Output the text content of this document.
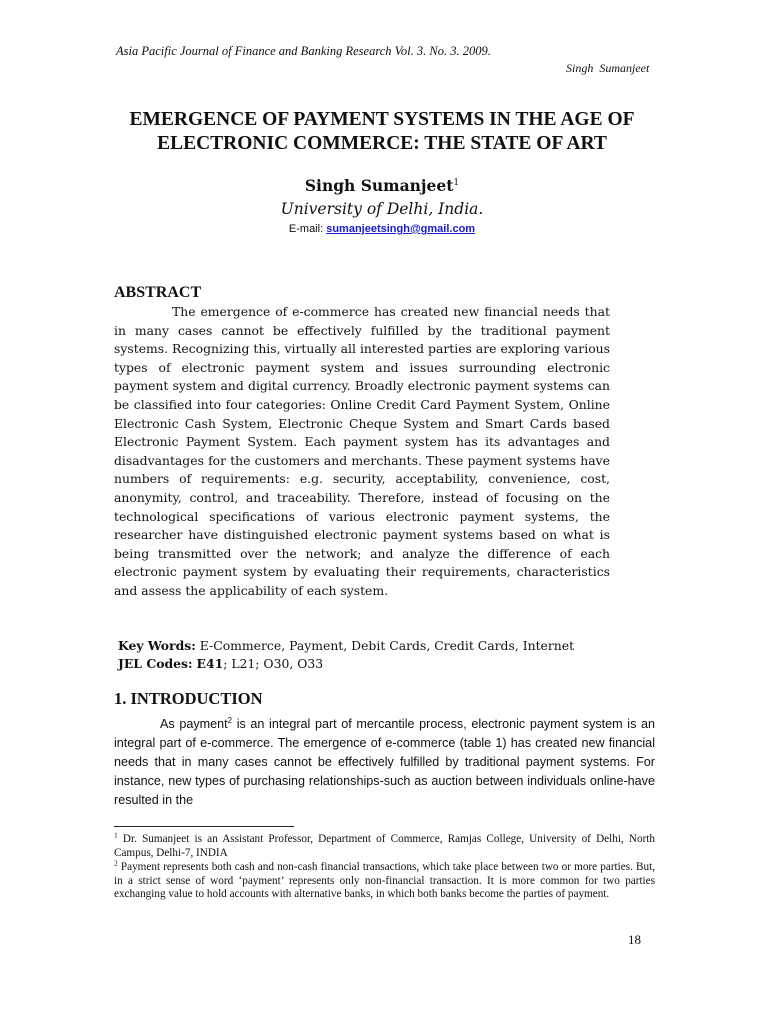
Asia Pacific Journal of Finance and Banking Research Vol. 3. No. 3. 2009.
Singh Sumanjeet
EMERGENCE OF PAYMENT SYSTEMS IN THE AGE OF
ELECTRONIC COMMERCE: THE STATE OF ART
Singh Sumanjeet$^1$
University of Delhi, India.
E-mail: sumanjeetsingh@gmail.com
ABSTRACT

The emergence of e-commerce has created new financial needs that in many cases cannot be effectively fulfilled by the traditional payment systems. Recognizing this, virtually all interested parties are exploring various types of electronic payment system and issues surrounding electronic payment system and digital currency. Broadly electronic payment systems can be classified into four categories: Online Credit Card Payment System, Online Electronic Cash System, Electronic Cheque System and Smart Cards based Electronic Payment System. Each payment system has its advantages and disadvantages for the customers and merchants. These payment systems have numbers of requirements: e.g. security, acceptability, convenience, cost, anonymity, control, and traceability. Therefore, instead of focusing on the technological specifications of various electronic payment systems, the researcher have distinguished electronic payment systems based on what is being transmitted over the network; and analyze the difference of each electronic payment system by evaluating their requirements, characteristics and assess the applicability of each system.

Key Words: E-Commerce, Payment, Debit Cards, Credit Cards, Internet
JEL Codes: E41; L21; O30, O33
1. INTRODUCTION

As payment$^2$ is an integral part of mercantile process, electronic payment system is an integral part of e-commerce. The emergence of e-commerce (table 1) has created new financial needs that in many cases cannot be effectively fulfilled by traditional payment systems. For instance, new types of purchasing relationships-such as auction between individuals online-have resulted in the

$^1$ Dr. Sumanjeet is an Assistant Professor, Department of Commerce, Ramjas College, University of Delhi, North Campus, Delhi-7, INDIA

$^2$ Payment represents both cash and non-cash financial transactions, which take place between two or more parties. But, in a strict sense of word ‘payment’ represents only non-financial transaction. It is more common for two parties exchanging value to hold accounts with alternative banks, in which both banks become the parties of payment.

18
